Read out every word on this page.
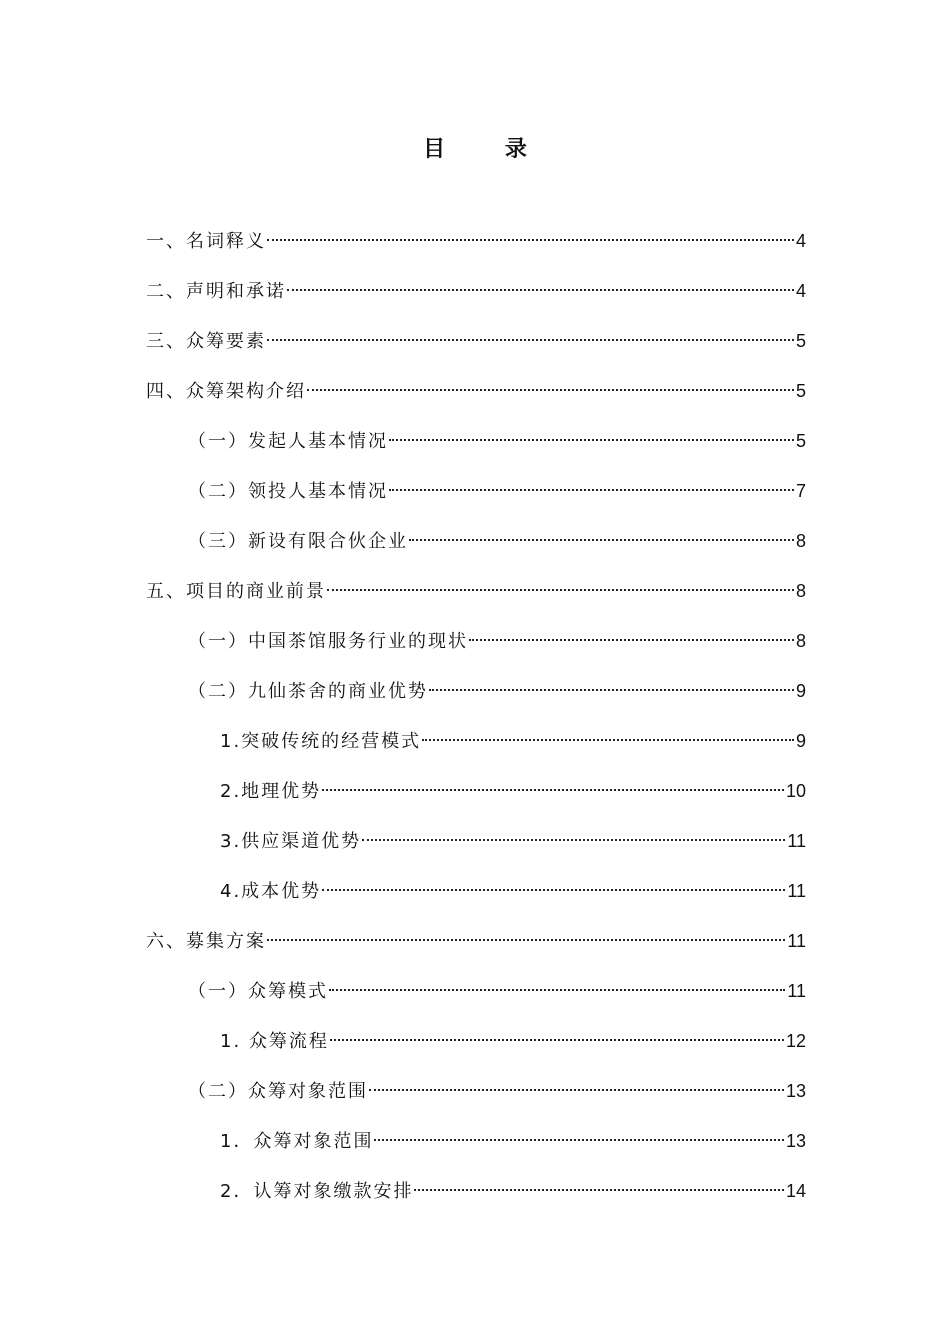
目 录
一、名词释义	4
二、声明和承诺	4
三、众筹要素	5
四、众筹架构介绍	5
（一）发起人基本情况	5
（二）领投人基本情况	7
（三）新设有限合伙企业	8
五、项目的商业前景	8
（一）中国茶馆服务行业的现状	8
（二）九仙茶舍的商业优势	9
1.突破传统的经营模式	9
2.地理优势	10
3.供应渠道优势	11
4.成本优势	11
六、募集方案	11
（一）众筹模式	11
1. 众筹流程	12
（二）众筹对象范围	13
1．众筹对象范围	13
2．认筹对象缴款安排	14
